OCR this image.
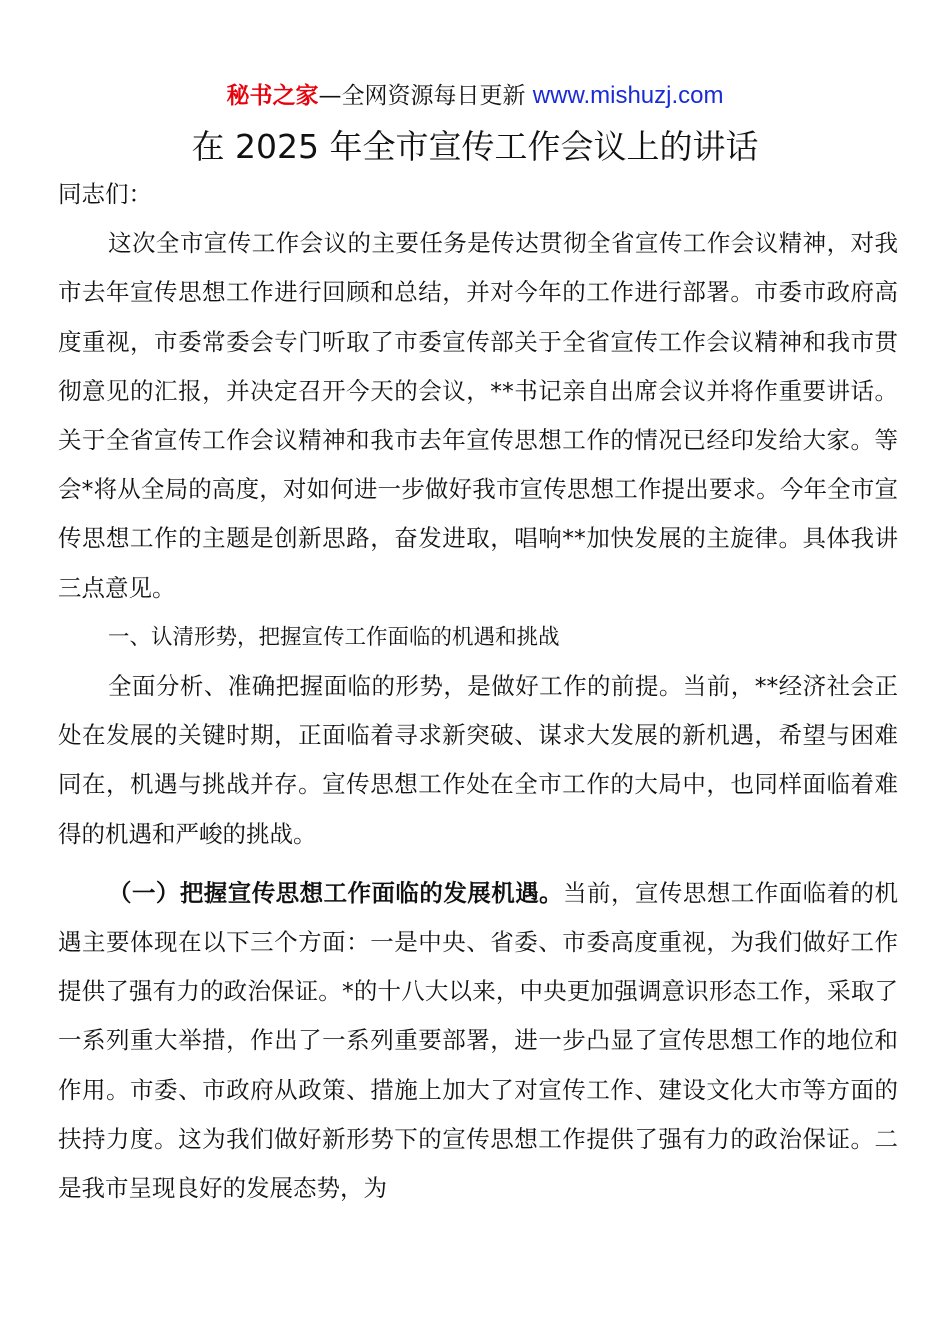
秘书之家—全网资源每日更新 www.mishuzj.com
在 2025 年全市宣传工作会议上的讲话

同志们：

这次全市宣传工作会议的主要任务是传达贯彻全省宣传工作会议精神，对我市去年宣传思想工作进行回顾和总结，并对今年的工作进行部署。市委市政府高度重视，市委常委会专门听取了市委宣传部关于全省宣传工作会议精神和我市贯彻意见的汇报，并决定召开今天的会议，**书记亲自出席会议并将作重要讲话。关于全省宣传工作会议精神和我市去年宣传思想工作的情况已经印发给大家。等会*将从全局的高度，对如何进一步做好我市宣传思想工作提出要求。今年全市宣传思想工作的主题是创新思路，奋发进取，唱响**加快发展的主旋律。具体我讲三点意见。

一、认清形势，把握宣传工作面临的机遇和挑战

全面分析、准确把握面临的形势，是做好工作的前提。当前，**经济社会正处在发展的关键时期，正面临着寻求新突破、谋求大发展的新机遇，希望与困难同在，机遇与挑战并存。宣传思想工作处在全市工作的大局中，也同样面临着难得的机遇和严峻的挑战。

（一）把握宣传思想工作面临的发展机遇。当前，宣传思想工作面临着的机遇主要体现在以下三个方面：一是中央、省委、市委高度重视，为我们做好工作提供了强有力的政治保证。*的十八大以来，中央更加强调意识形态工作，采取了一系列重大举措，作出了一系列重要部署，进一步凸显了宣传思想工作的地位和作用。市委、市政府从政策、措施上加大了对宣传工作、建设文化大市等方面的扶持力度。这为我们做好新形势下的宣传思想工作提供了强有力的政治保证。二是我市呈现良好的发展态势，为
